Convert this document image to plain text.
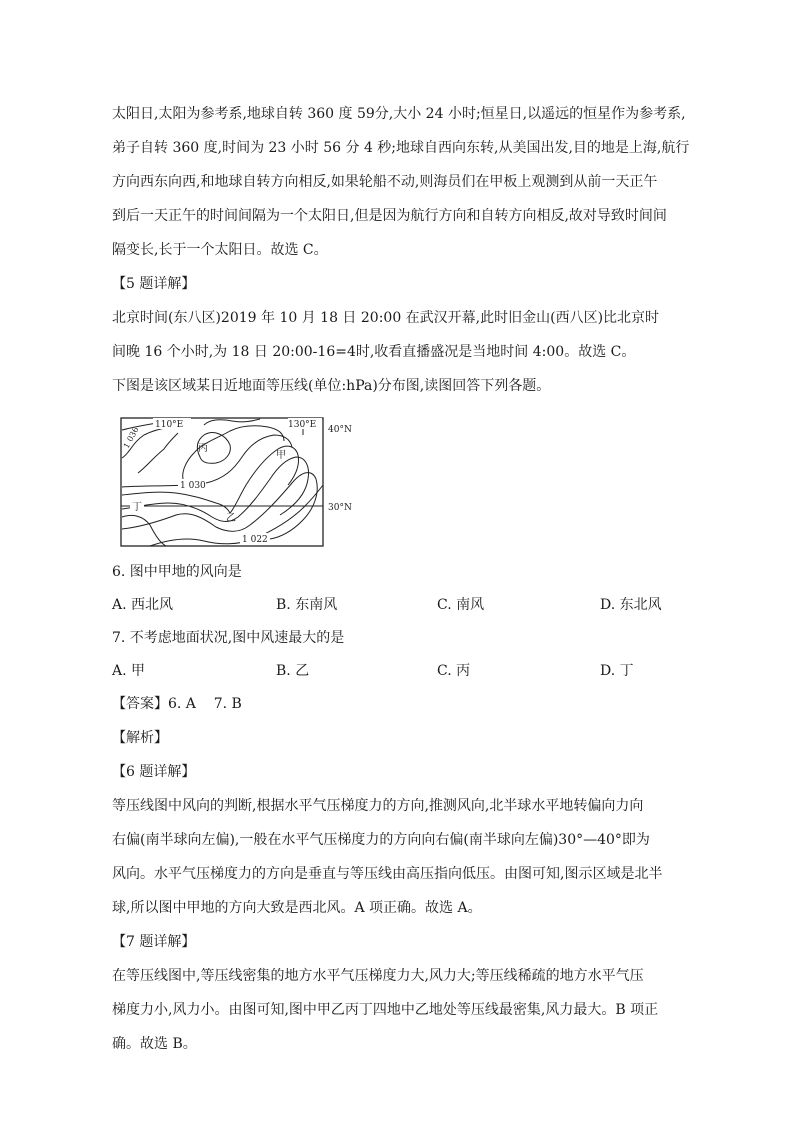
太阳日,太阳为参考系,地球自转 360 度 59分,大小 24 小时;恒星日,以遥远的恒星作为参考系,
弟子自转 360 度,时间为 23 小时 56 分 4 秒;地球自西向东转,从美国出发,目的地是上海,航行
方向西东向西,和地球自转方向相反,如果轮船不动,则海员们在甲板上观测到从前一天正午
到后一天正午的时间间隔为一个太阳日,但是因为航行方向和自转方向相反,故对导致时间间
隔变长,长于一个太阳日。故选 C。
【5 题详解】
北京时间(东八区)2019 年 10 月 18 日 20:00 在武汉开幕,此时旧金山(西八区)比北京时
间晚 16 个小时,为 18 日 20:00-16=4时,收看直播盛况是当地时间 4:00。故选 C。
下图是该区域某日近地面等压线(单位:hPa)分布图,读图回答下列各题。
110°E	130°E 40°N
30°N
1 036
1 030
1 022
丙
甲
丁
乙
6. 图中甲地的风向是
A. 西北风	B. 东南风	C. 南风	D. 东北风
7. 不考虑地面状况,图中风速最大的是
A. 甲	B. 乙	C. 丙	D. 丁
【答案】6. A    7. B
【解析】
【6 题详解】
等压线图中风向的判断,根据水平气压梯度力的方向,推测风向,北半球水平地转偏向力向
右偏(南半球向左偏),一般在水平气压梯度力的方向向右偏(南半球向左偏)30°—40°即为
风向。水平气压梯度力的方向是垂直与等压线由高压指向低压。由图可知,图示区域是北半
球,所以图中甲地的方向大致是西北风。A 项正确。故选 A。
【7 题详解】
在等压线图中,等压线密集的地方水平气压梯度力大,风力大;等压线稀疏的地方水平气压
梯度力小,风力小。由图可知,图中甲乙丙丁四地中乙地处等压线最密集,风力最大。B 项正
确。故选 B。
